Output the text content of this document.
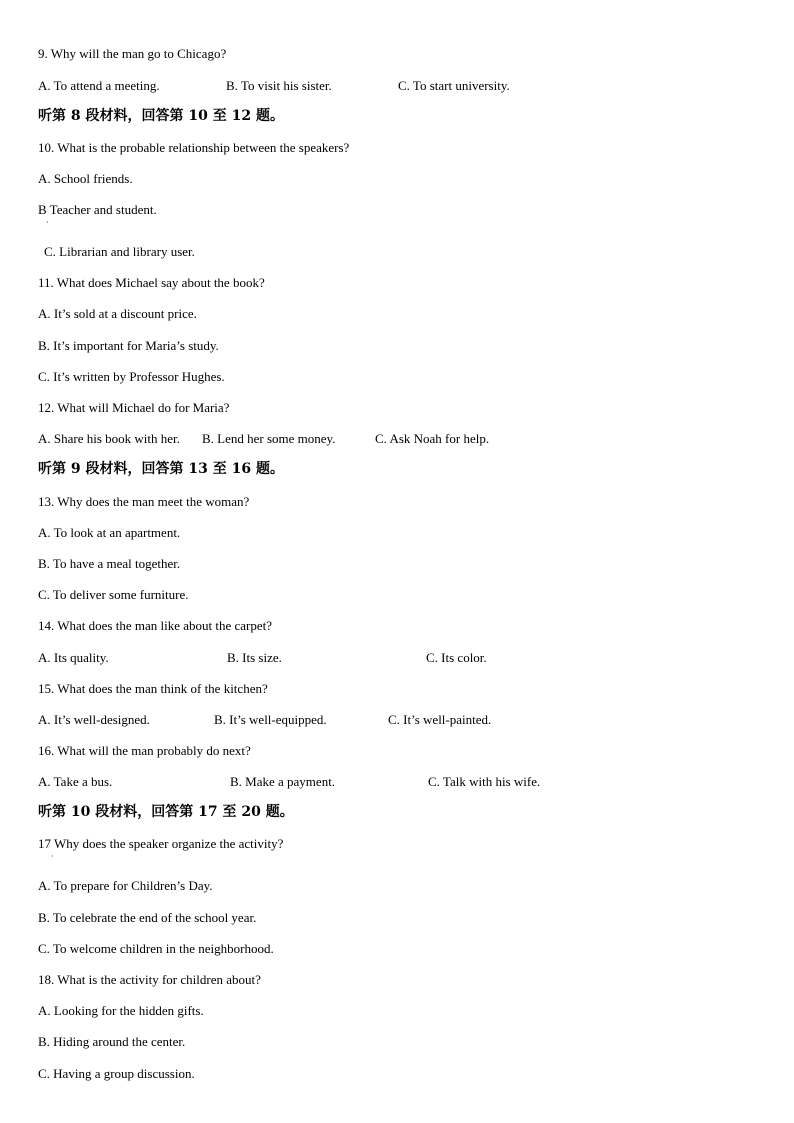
9. Why will the man go to Chicago?
A. To attend a meeting.	B. To visit his sister.	C. To start university.
听第 8 段材料，回答第 10 至 12 题。
10. What is the probable relationship between the speakers?
A. School friends.
B Teacher and student.
·
C. Librarian and library user.
11. What does Michael say about the book?
A. It’s sold at a discount price.
B. It’s important for Maria’s study.
C. It’s written by Professor Hughes.
12. What will Michael do for Maria?
A. Share his book with her. B. Lend her some money.	C. Ask Noah for help.
听第 9 段材料，回答第 13 至 16 题。
13. Why does the man meet the woman?
A. To look at an apartment.
B. To have a meal together.
C. To deliver some furniture.
14. What does the man like about the carpet?
A. Its quality.	B. Its size.	C. Its color.
15. What does the man think of the kitchen?
A. It’s well-designed.	B. It’s well-equipped.	C. It’s well-painted.
16. What will the man probably do next?
A. Take a bus.	B. Make a payment.	C. Talk with his wife.
听第 10 段材料，回答第 17 至 20 题。
17 Why does the speaker organize the activity?
·
A. To prepare for Children’s Day.
B. To celebrate the end of the school year.
C. To welcome children in the neighborhood.
18. What is the activity for children about?
A. Looking for the hidden gifts.
B. Hiding around the center.
C. Having a group discussion.
